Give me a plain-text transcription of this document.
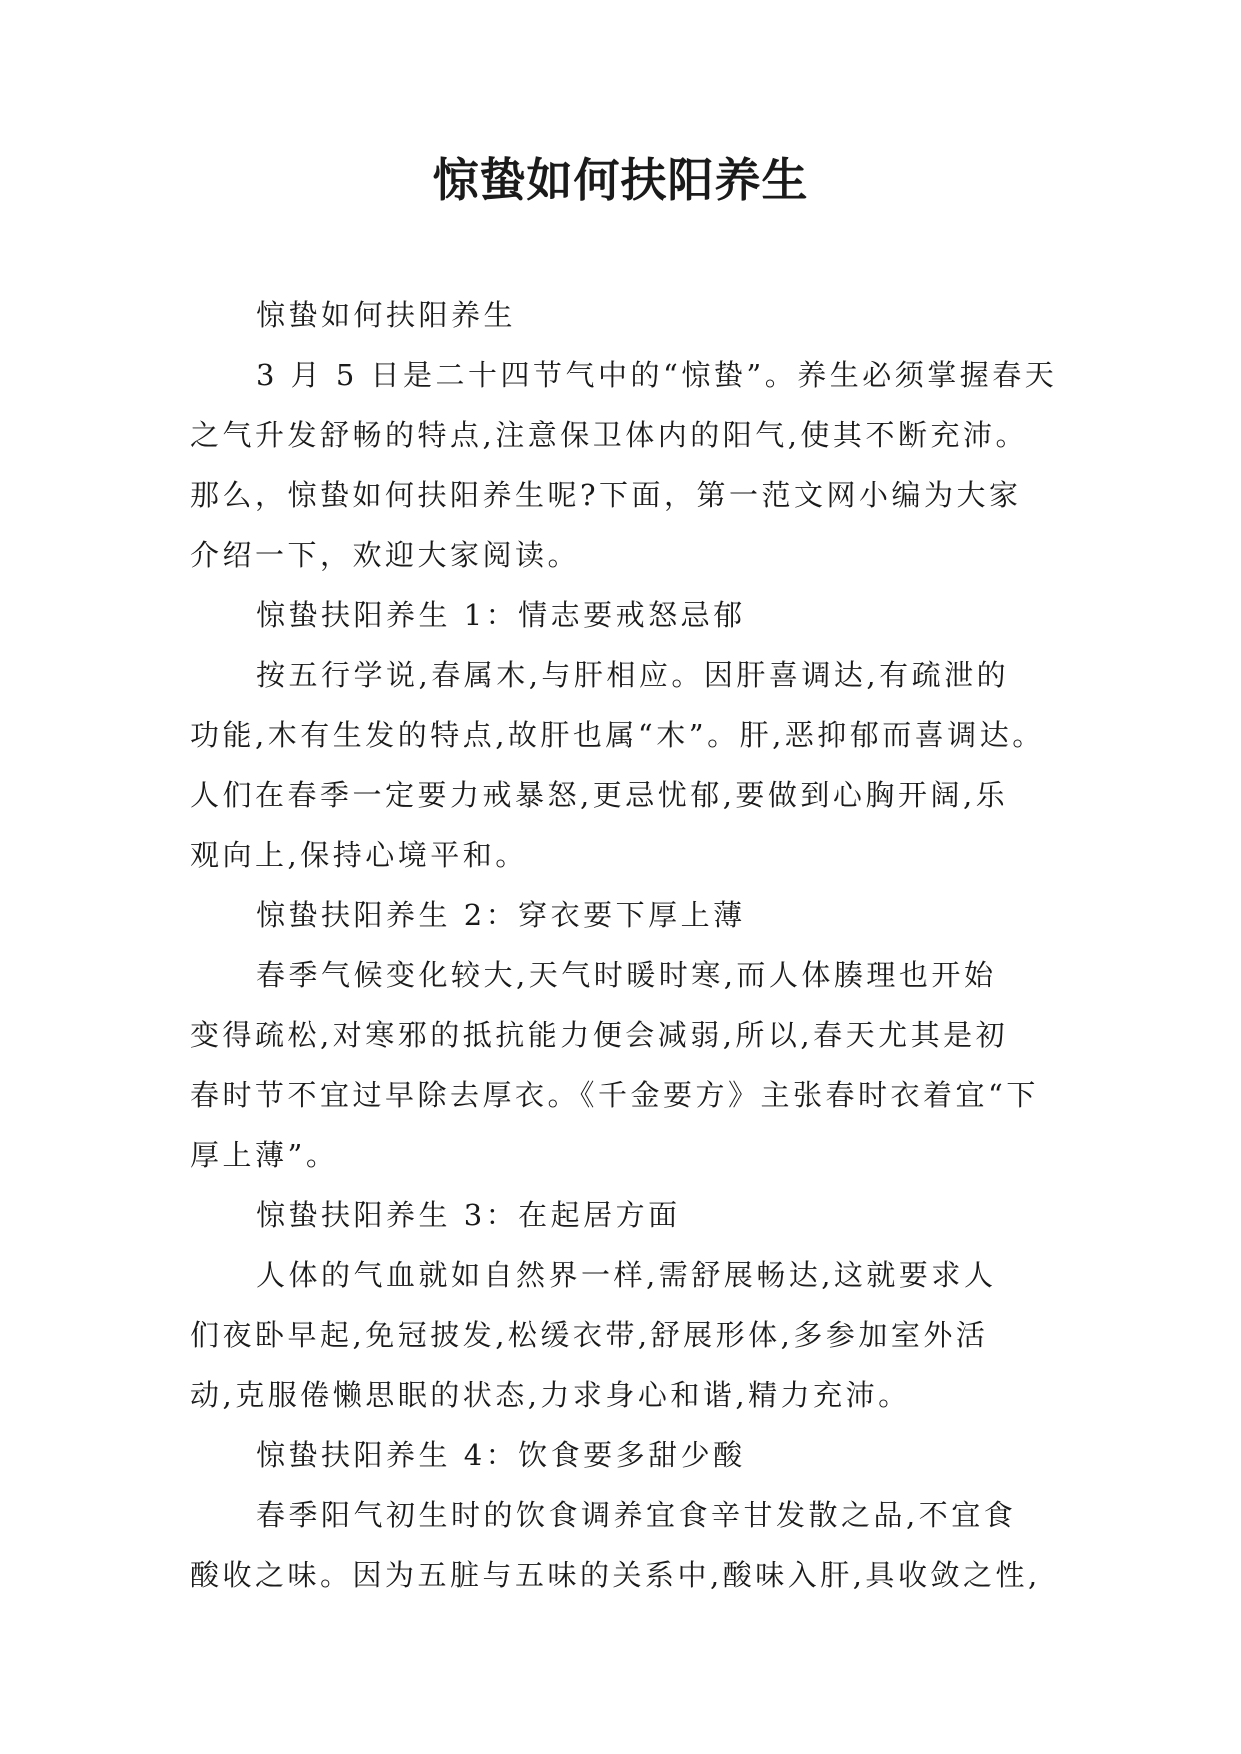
惊蛰如何扶阳养生
惊蛰如何扶阳养生
3 月 5 日是二十四节气中的“惊蛰”。养生必须掌握春天
之气升发舒畅的特点,注意保卫体内的阳气,使其不断充沛。
那么，惊蛰如何扶阳养生呢?下面，第一范文网小编为大家
介绍一下，欢迎大家阅读。
惊蛰扶阳养生 1：情志要戒怒忌郁
按五行学说,春属木,与肝相应。因肝喜调达,有疏泄的
功能,木有生发的特点,故肝也属“木”。肝,恶抑郁而喜调达。
人们在春季一定要力戒暴怒,更忌忧郁,要做到心胸开阔,乐
观向上,保持心境平和。
惊蛰扶阳养生 2：穿衣要下厚上薄
春季气候变化较大,天气时暖时寒,而人体腠理也开始
变得疏松,对寒邪的抵抗能力便会减弱,所以,春天尤其是初
春时节不宜过早除去厚衣。《千金要方》主张春时衣着宜“下
厚上薄”。
惊蛰扶阳养生 3：在起居方面
人体的气血就如自然界一样,需舒展畅达,这就要求人
们夜卧早起,免冠披发,松缓衣带,舒展形体,多参加室外活
动,克服倦懒思眠的状态,力求身心和谐,精力充沛。
惊蛰扶阳养生 4：饮食要多甜少酸
春季阳气初生时的饮食调养宜食辛甘发散之品,不宜食
酸收之味。因为五脏与五味的关系中,酸味入肝,具收敛之性,
